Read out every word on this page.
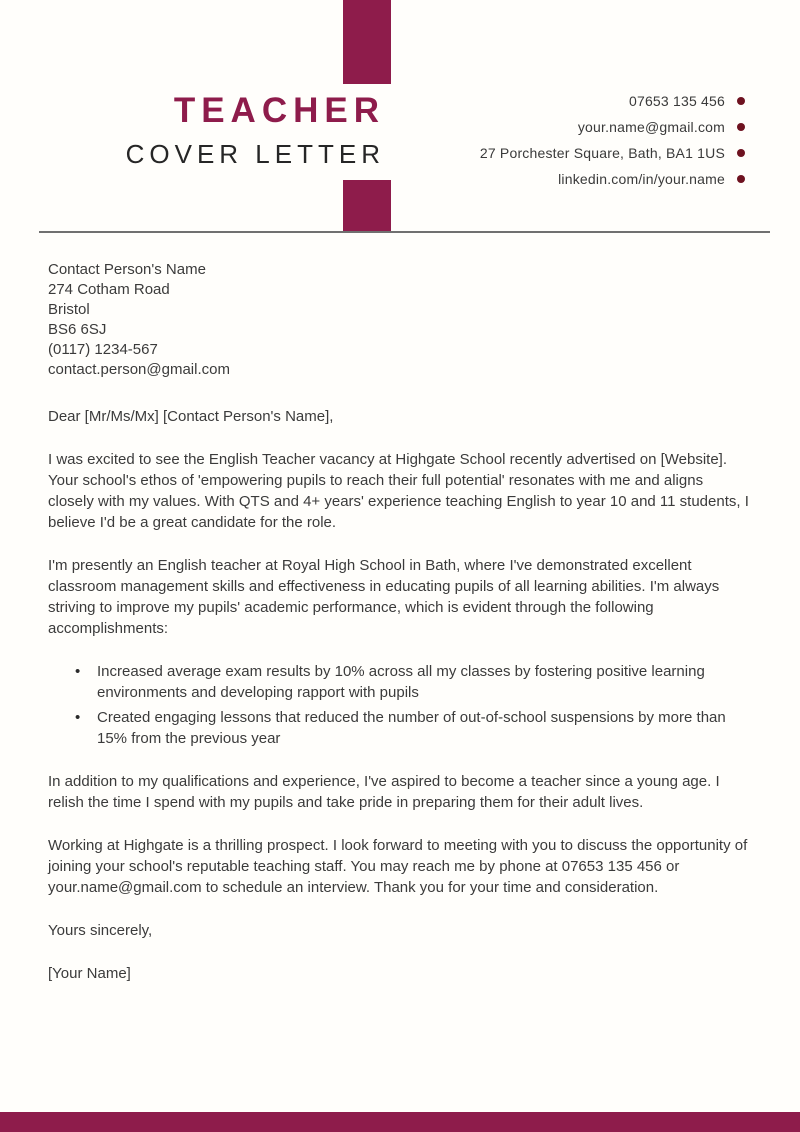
TEACHER
COVER LETTER
07653 135 456
your.name@gmail.com
27 Porchester Square, Bath, BA1 1US
linkedin.com/in/your.name
Contact Person's Name
274 Cotham Road
Bristol
BS6 6SJ
(0117) 1234-567
contact.person@gmail.com

Dear [Mr/Ms/Mx] [Contact Person's Name],

I was excited to see the English Teacher vacancy at Highgate School recently advertised on [Website]. Your school's ethos of 'empowering pupils to reach their full potential' resonates with me and aligns closely with my values. With QTS and 4+ years' experience teaching English to year 10 and 11 students, I believe I'd be a great candidate for the role.

I'm presently an English teacher at Royal High School in Bath, where I've demonstrated excellent classroom management skills and effectiveness in educating pupils of all learning abilities. I'm always striving to improve my pupils' academic performance, which is evident through the following accomplishments:

•
Increased average exam results by 10% across all my classes by fostering positive learning environments and developing rapport with pupils
•
Created engaging lessons that reduced the number of out-of-school suspensions by more than 15% from the previous year

In addition to my qualifications and experience, I've aspired to become a teacher since a young age. I relish the time I spend with my pupils and take pride in preparing them for their adult lives.

Working at Highgate is a thrilling prospect. I look forward to meeting with you to discuss the opportunity of joining your school's reputable teaching staff. You may reach me by phone at 07653 135 456 or your.name@gmail.com to schedule an interview. Thank you for your time and consideration.

Yours sincerely,

[Your Name]
